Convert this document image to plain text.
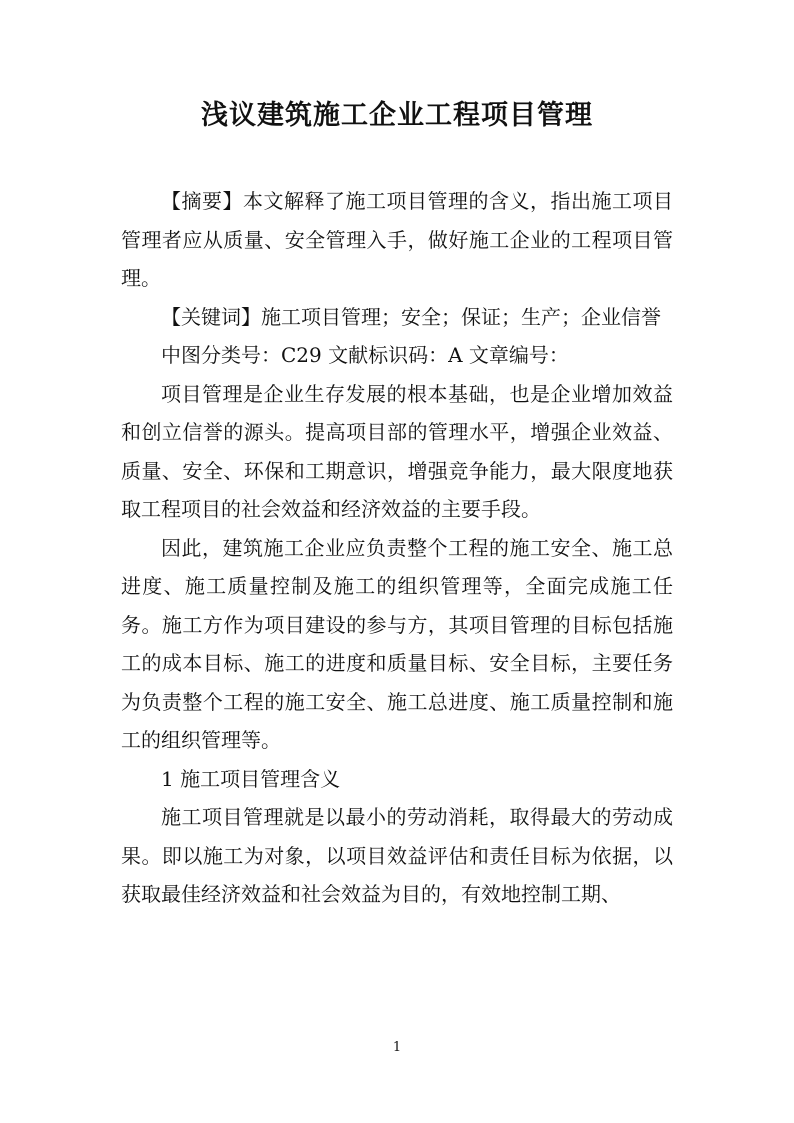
浅议建筑施工企业工程项目管理

【摘要】本文解释了施工项目管理的含义，指出施工项目管理者应从质量、安全管理入手，做好施工企业的工程项目管理。

【关键词】施工项目管理；安全；保证；生产；企业信誉

中图分类号：C29 文献标识码：A 文章编号：

项目管理是企业生存发展的根本基础，也是企业增加效益和创立信誉的源头。提高项目部的管理水平，增强企业效益、质量、安全、环保和工期意识，增强竞争能力，最大限度地获取工程项目的社会效益和经济效益的主要手段。

因此，建筑施工企业应负责整个工程的施工安全、施工总进度、施工质量控制及施工的组织管理等，全面完成施工任务。施工方作为项目建设的参与方，其项目管理的目标包括施工的成本目标、施工的进度和质量目标、安全目标，主要任务为负责整个工程的施工安全、施工总进度、施工质量控制和施工的组织管理等。

1 施工项目管理含义

施工项目管理就是以最小的劳动消耗，取得最大的劳动成果。即以施工为对象，以项目效益评估和责任目标为依据，以获取最佳经济效益和社会效益为目的，有效地控制工期、

1
